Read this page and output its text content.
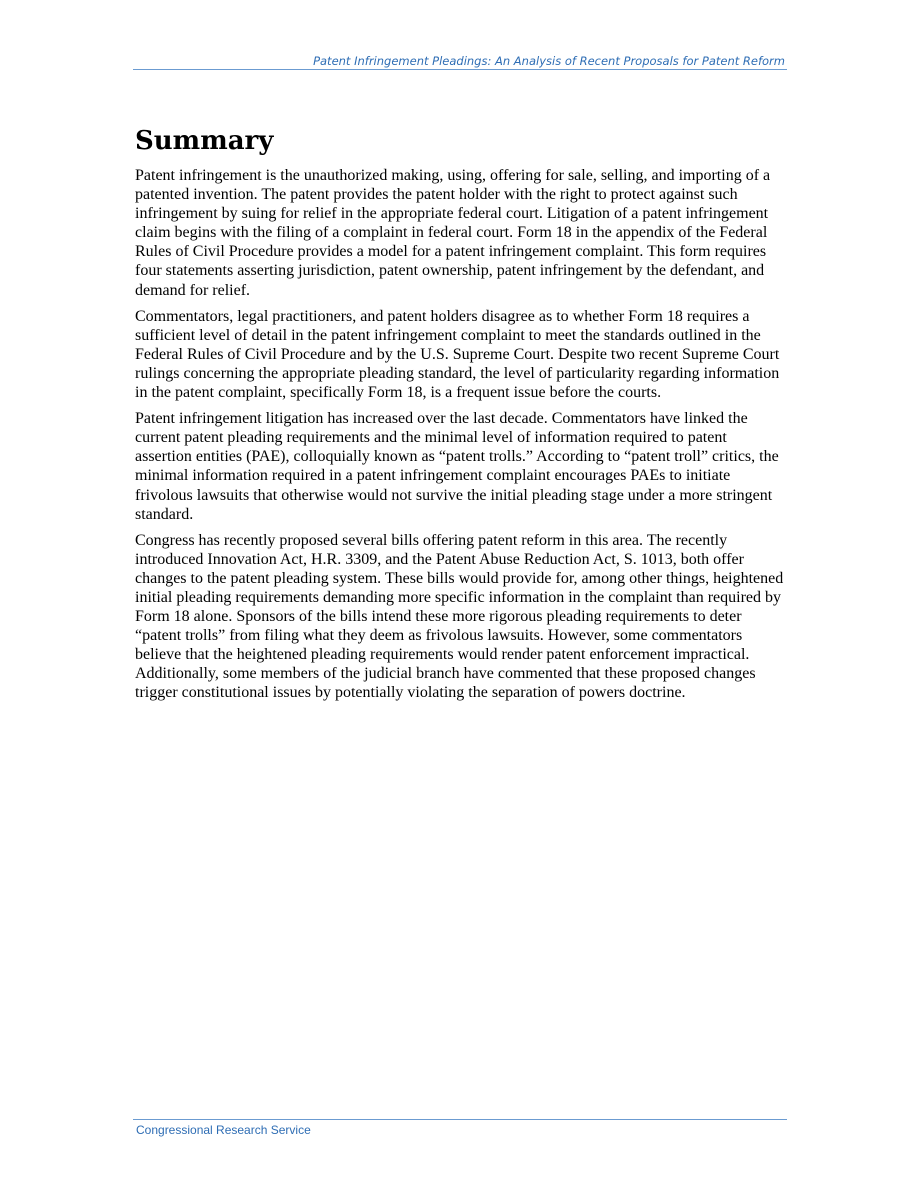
Patent Infringement Pleadings: An Analysis of Recent Proposals for Patent Reform

Summary

Patent infringement is the unauthorized making, using, offering for sale, selling, and importing of a patented invention. The patent provides the patent holder with the right to protect against such infringement by suing for relief in the appropriate federal court. Litigation of a patent infringement claim begins with the filing of a complaint in federal court. Form 18 in the appendix of the Federal Rules of Civil Procedure provides a model for a patent infringement complaint. This form requires four statements asserting jurisdiction, patent ownership, patent infringement by the defendant, and demand for relief.

Commentators, legal practitioners, and patent holders disagree as to whether Form 18 requires a sufficient level of detail in the patent infringement complaint to meet the standards outlined in the Federal Rules of Civil Procedure and by the U.S. Supreme Court. Despite two recent Supreme Court rulings concerning the appropriate pleading standard, the level of particularity regarding information in the patent complaint, specifically Form 18, is a frequent issue before the courts.

Patent infringement litigation has increased over the last decade. Commentators have linked the current patent pleading requirements and the minimal level of information required to patent assertion entities (PAE), colloquially known as “patent trolls.” According to “patent troll” critics, the minimal information required in a patent infringement complaint encourages PAEs to initiate frivolous lawsuits that otherwise would not survive the initial pleading stage under a more stringent standard.

Congress has recently proposed several bills offering patent reform in this area. The recently introduced Innovation Act, H.R. 3309, and the Patent Abuse Reduction Act, S. 1013, both offer changes to the patent pleading system. These bills would provide for, among other things, heightened initial pleading requirements demanding more specific information in the complaint than required by Form 18 alone. Sponsors of the bills intend these more rigorous pleading requirements to deter “patent trolls” from filing what they deem as frivolous lawsuits. However, some commentators believe that the heightened pleading requirements would render patent enforcement impractical. Additionally, some members of the judicial branch have commented that these proposed changes trigger constitutional issues by potentially violating the separation of powers doctrine.

Congressional Research Service
